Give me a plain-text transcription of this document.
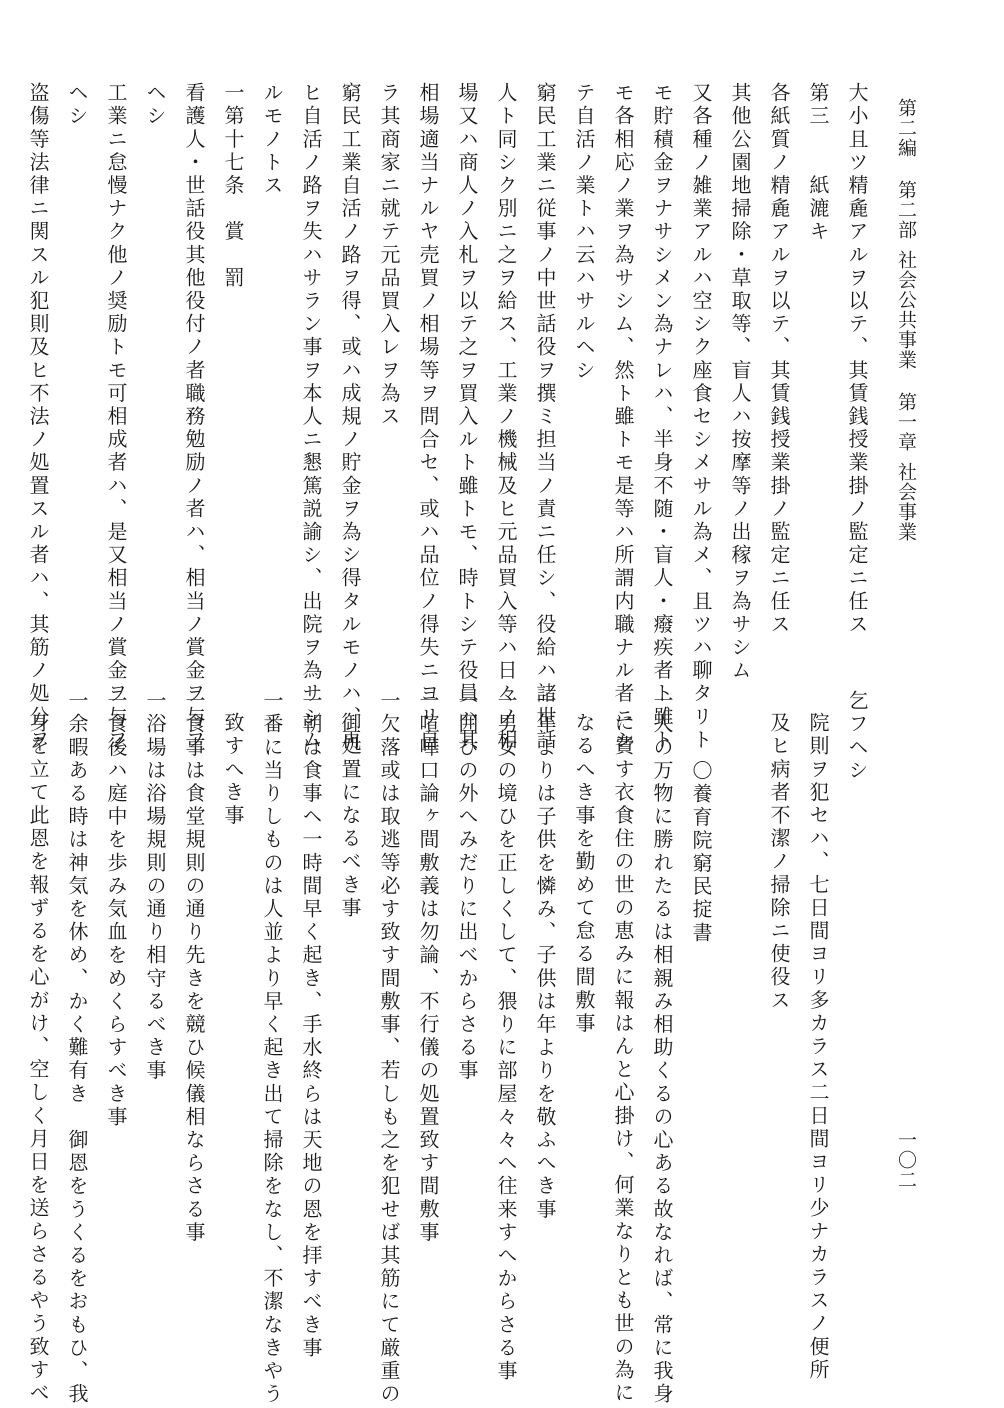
第二編第二部社会公共事業第一章社会事業
一〇二
大小且ツ精麁アルヲ以テ、其賃銭授業掛ノ監定ニ任ス
第三　　紙漉キ
各紙質ノ精麁アルヲ以テ、其賃銭授業掛ノ監定ニ任ス
其他公園地掃除・草取等、盲人ハ按摩等ノ出稼ヲ為サシム
又各種ノ雑業アルハ空シク座食セシメサル為メ、且ツハ聊タリト
モ貯積金ヲナサシメン為ナレハ、半身不随・盲人・癈疾者ト雖ト
モ各相応ノ業ヲ為サシム、然ト雖トモ是等ハ所謂内職ナル者ニシ
テ自活ノ業トハ云ハサルヘシ
窮民工業ニ従事ノ中世話役ヲ撰ミ担当ノ責ニ任シ、役給ハ諸世話
人ト同シク別ニ之ヲ給ス、工業ノ機械及ヒ元品買入等ハ日々ノ相
場又ハ商人ノ入札ヲ以テ之ヲ買入ルト雖トモ、時トシテ役員ハ其
相場適当ナルヤ売買ノ相場等ヲ問合セ、或ハ品位ノ得失ニヨリ自
ラ其商家ニ就テ元品買入レヲ為ス
窮民工業自活ノ路ヲ得、或ハ成規ノ貯金ヲ為シ得タルモノハ、再
ヒ自活ノ路ヲ失ハサラン事ヲ本人ニ懇篤説諭シ、出院ヲ為サシム
ルモノトス
一第十七条　賞　罰
看護人・世話役其他役付ノ者職務勉励ノ者ハ、相当ノ賞金ヲ与フ
ヘシ
工業ニ怠慢ナク他ノ奨励トモ可相成者ハ、是又相当ノ賞金ヲ与フ
ヘシ
盗傷等法律ニ関スル犯則及ヒ不法ノ処置スル者ハ、其筋ノ処分ヲ	乞フヘシ
院則ヲ犯セハ、七日間ヨリ多カラス二日間ヨリ少ナカラスノ便所
及ヒ病者不潔ノ掃除ニ使役ス
〇養育院窮民掟書
一人の万物に勝れたるは相親み相助くるの心ある故なれば、常に我身
に費す衣食住の世の恵みに報はんと心掛け、何業なりとも世の為に
なるへき事を勤めて怠る間敷事
一年よりは子供を憐み、子供は年よりを敬ふへき事
一男女の境ひを正しくして、猥りに部屋々々へ往来すへからさる事
一囲ひの外へみだりに出べからさる事
一喧嘩口論ヶ間敷義は勿論、不行儀の処置致す間敷事
一欠落或は取逃等必す致す間敷事、若しも之を犯せば其筋にて厳重の
御処置になるべき事
一朝は食事ヘ一時間早く起き、手水終らは天地の恩を拝すべき事
一番に当りしものは人並より早く起き出て掃除をなし、不潔なきやう
致すへき事
一食事は食堂規則の通り先きを競ひ候儀相ならさる事
一浴場は浴場規則の通り相守るべき事
一食後ハ庭中を歩み気血をめくらすべき事
一余暇ある時は神気を休め、かく難有き　御恩をうくるをおもひ、我
身を立て此恩を報ずるを心がけ、空しく月日を送らさるやう致すべ
